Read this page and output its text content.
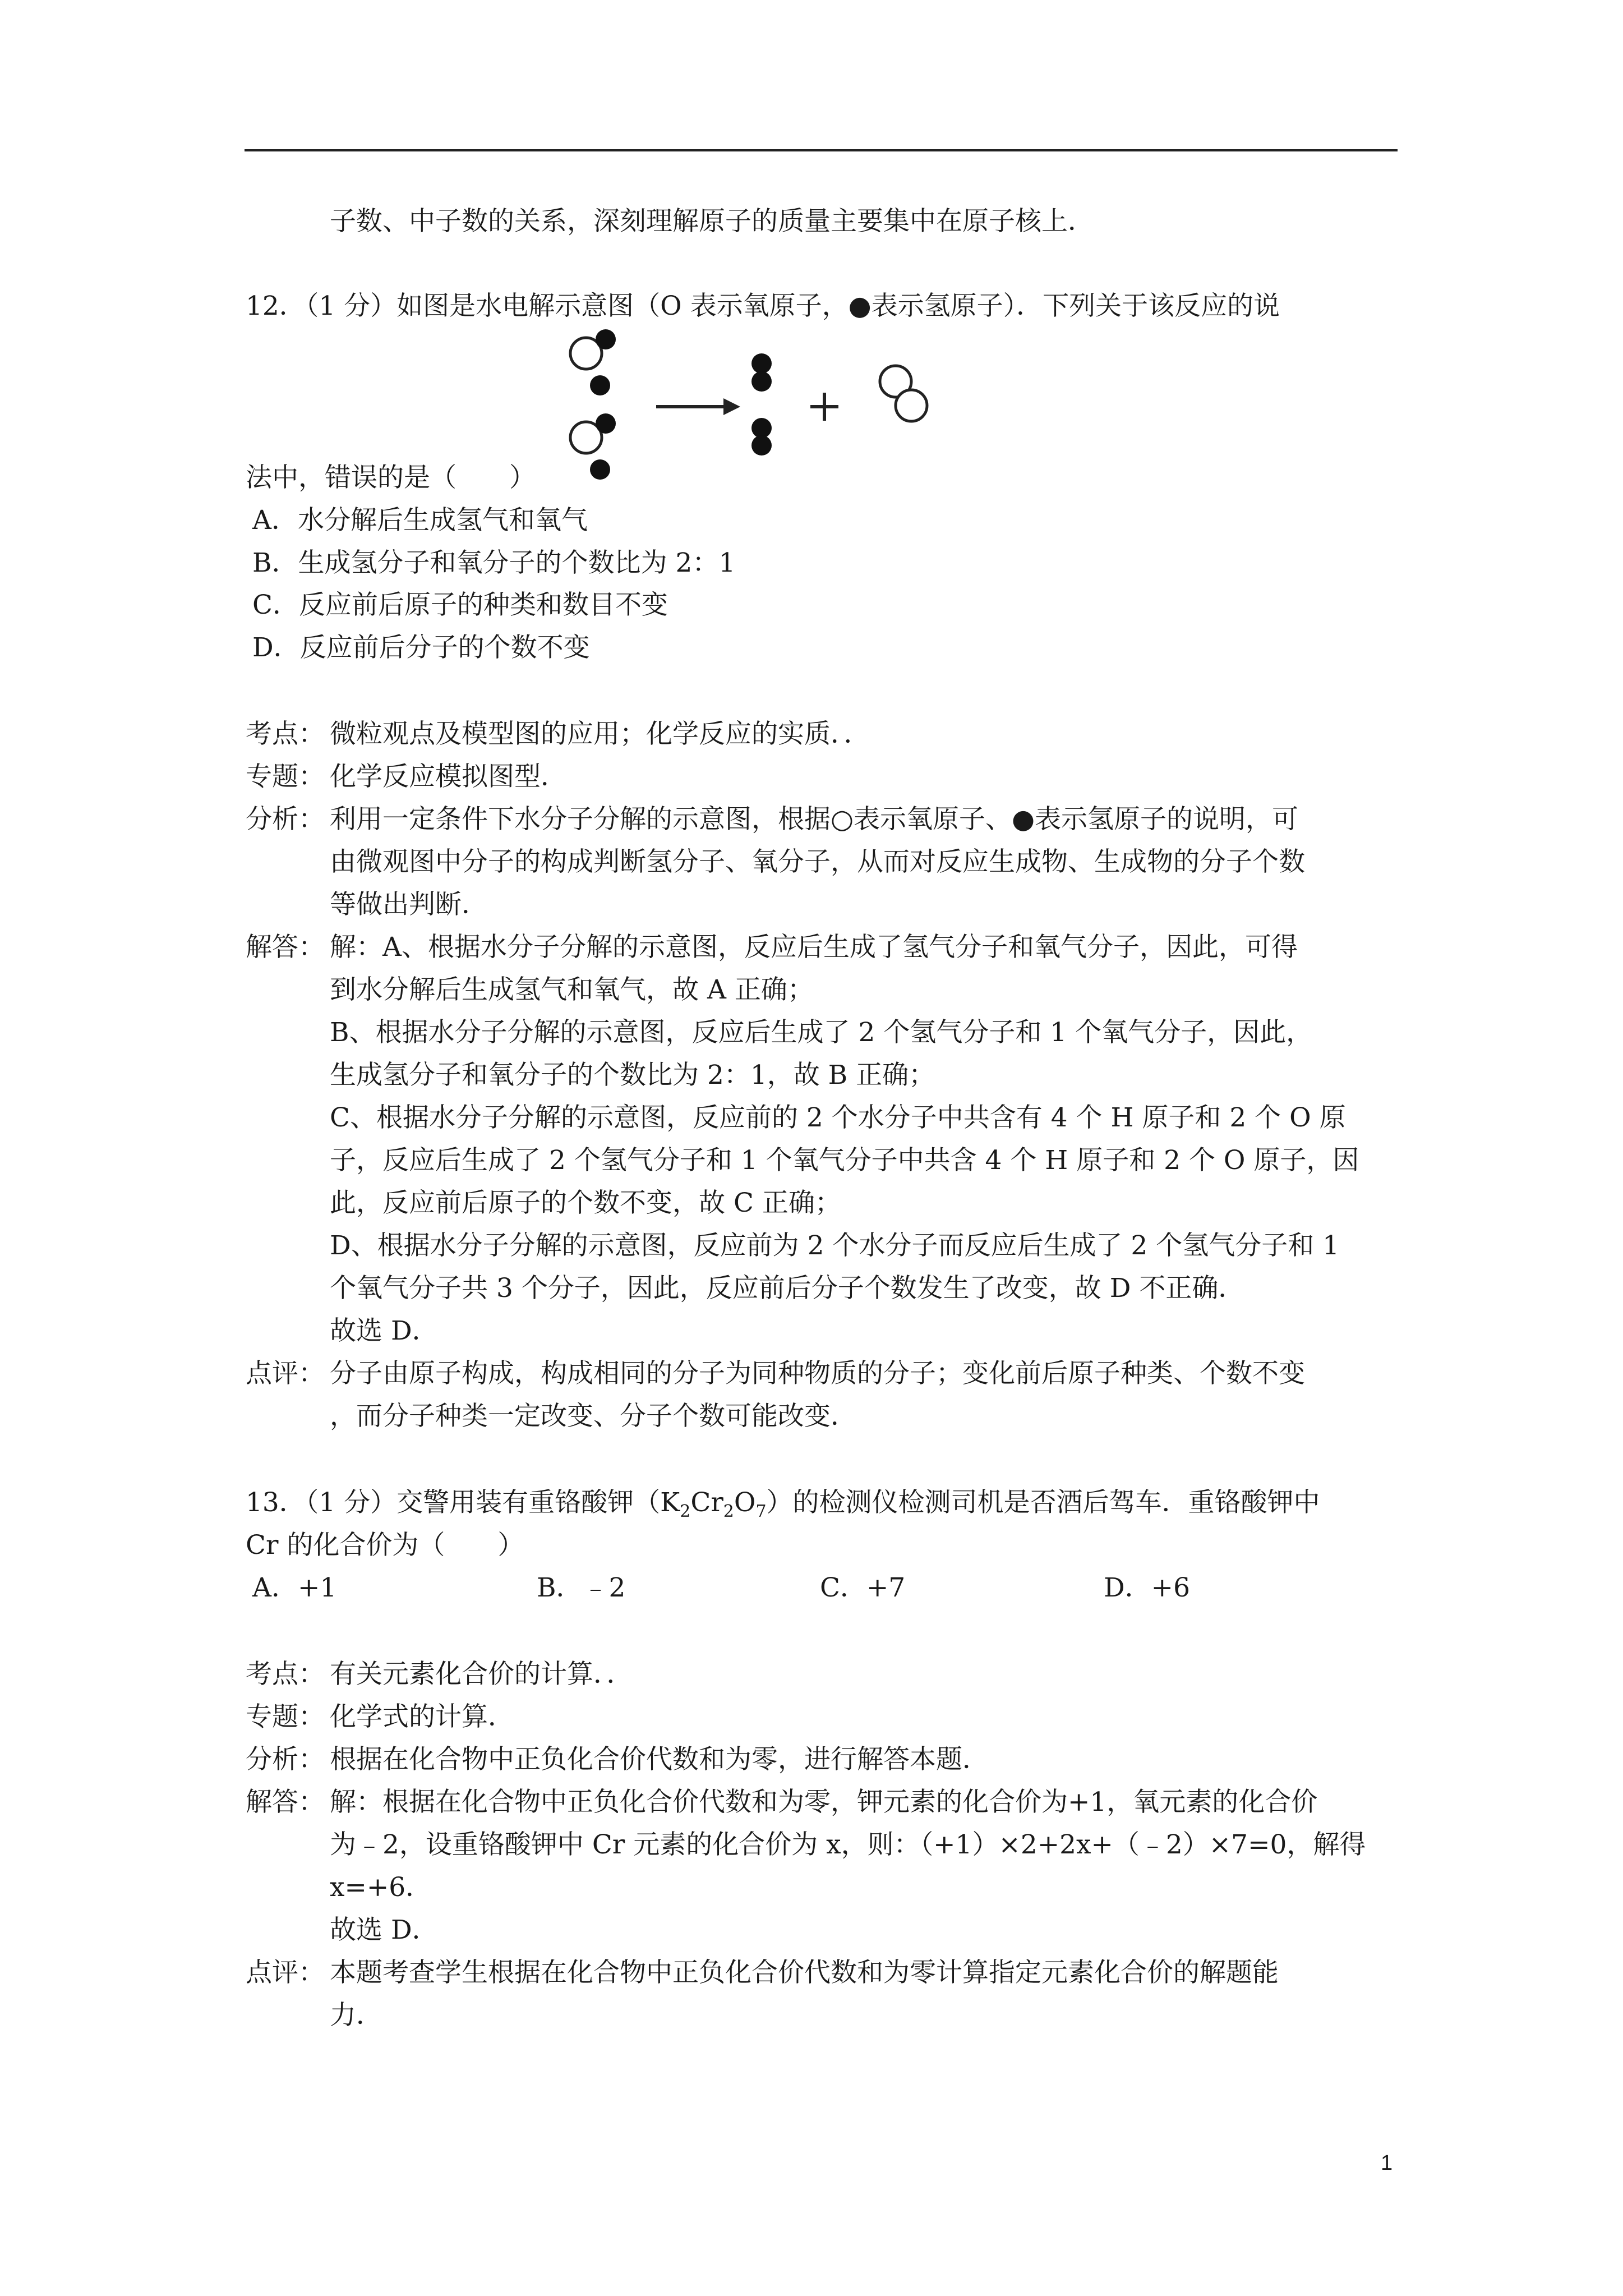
子数、中子数的关系，深刻理解原子的质量主要集中在原子核上．
12．（1 分）如图是水电解示意图（O 表示氧原子，●表示氢原子）．下列关于该反应的说
法中，错误的是（　　）
A．水分解后生成氢气和氧气
B．生成氢分子和氧分子的个数比为 2：1
C．反应前后原子的种类和数目不变
D．反应前后分子的个数不变
考点： 微粒观点及模型图的应用；化学反应的实质．．
专题： 化学反应模拟图型．
分析： 利用一定条件下水分子分解的示意图，根据○表示氧原子、●表示氢原子的说明，可
由微观图中分子的构成判断氢分子、氧分子，从而对反应生成物、生成物的分子个数
等做出判断．
解答： 解：A、根据水分子分解的示意图，反应后生成了氢气分子和氧气分子，因此，可得
到水分解后生成氢气和氧气，故 A 正确；
B、根据水分子分解的示意图，反应后生成了 2 个氢气分子和 1 个氧气分子，因此，
生成氢分子和氧分子的个数比为 2：1，故 B 正确；
C、根据水分子分解的示意图，反应前的 2 个水分子中共含有 4 个 H 原子和 2 个 O 原
子，反应后生成了 2 个氢气分子和 1 个氧气分子中共含 4 个 H 原子和 2 个 O 原子，因
此，反应前后原子的个数不变，故 C 正确；
D、根据水分子分解的示意图，反应前为 2 个水分子而反应后生成了 2 个氢气分子和 1
个氧气分子共 3 个分子，因此，反应前后分子个数发生了改变，故 D 不正确．
故选 D．
点评： 分子由原子构成，构成相同的分子为同种物质的分子；变化前后原子种类、个数不变
，而分子种类一定改变、分子个数可能改变．
13．（1 分）交警用装有重铬酸钾$(K_2Cr_2O_7)$的检测仪检测司机是否酒后驾车．重铬酸钾中
Cr 的化合价为（　　）
A．+1	B．﹣2	C．+7	D．+6
考点： 有关元素化合价的计算．．
专题： 化学式的计算．
分析： 根据在化合物中正负化合价代数和为零，进行解答本题．
解答： 解：根据在化合物中正负化合价代数和为零，钾元素的化合价为+1，氧元素的化合价
为﹣2，设重铬酸钾中 Cr 元素的化合价为 x，则：（+1）×2+2x+（﹣2）×7=0，解得
x=+6．
故选 D．
点评： 本题考查学生根据在化合物中正负化合价代数和为零计算指定元素化合价的解题能
力．
1
